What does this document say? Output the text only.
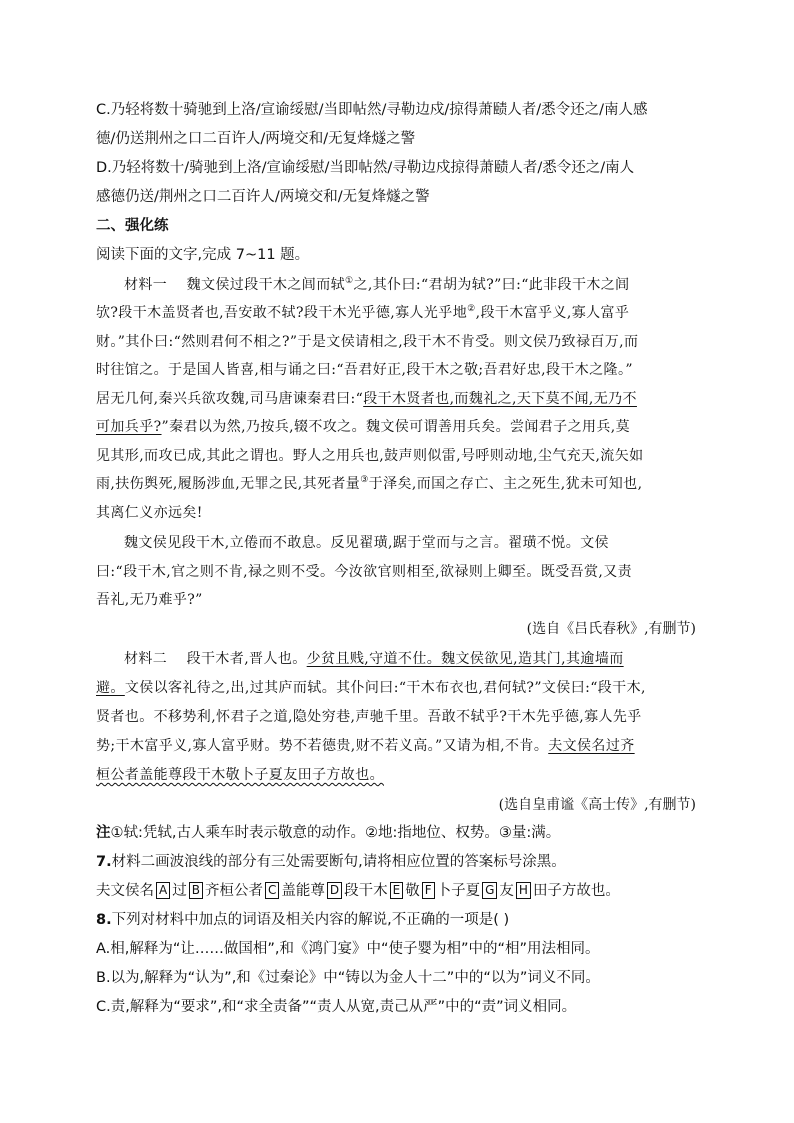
C.乃轻将数十骑驰到上洛/宣谕绥慰/当即帖然/寻勒边戍/掠得萧赜人者/悉令还之/南人感
德/仍送荆州之口二百许人/两境交和/无复烽燧之警
D.乃轻将数十/骑驰到上洛/宣谕绥慰/当即帖然/寻勒边戍掠得萧赜人者/悉令还之/南人
感德仍送/荆州之口二百许人/两境交和/无复烽燧之警
二、强化练
阅读下面的文字,完成 7~11 题。
材料一 魏文侯过段干木之闾而轼①之,其仆曰:“君胡为轼?”曰:“此非段干木之闾
欤?段干木盖贤者也,吾安敢不轼?段干木光乎德,寡人光乎地②,段干木富乎义,寡人富乎
财。”其仆曰:“然则君何不相之?”于是文侯请相之,段干木不肯受。则文侯乃致禄百万,而
时往馆之。于是国人皆喜,相与诵之曰:“吾君好正,段干木之敬;吾君好忠,段干木之隆。”
居无几何,秦兴兵欲攻魏,司马唐谏秦君曰:“段干木贤者也,而魏礼之,天下莫不闻,无乃不
可加兵乎?”秦君以为然,乃按兵,辍不攻之。魏文侯可谓善用兵矣。尝闻君子之用兵,莫
见其形,而攻已成,其此之谓也。野人之用兵也,鼓声则似雷,号呼则动地,尘气充天,流矢如
雨,扶伤舆死,履肠涉血,无罪之民,其死者量③于泽矣,而国之存亡、主之死生,犹未可知也,
其离仁义亦远矣!
魏文侯见段干木,立倦而不敢息。反见翟璜,踞于堂而与之言。翟璜不悦。文侯
曰:“段干木,官之则不肯,禄之则不受。今汝欲官则相至,欲禄则上卿至。既受吾赏,又责
吾礼,无乃难乎?”
(选自《吕氏春秋》,有删节)
材料二 段干木者,晋人也。少贫且贱,守道不仕。魏文侯欲见,造其门,其逾墙而
避。文侯以客礼待之,出,过其庐而轼。其仆问曰:“干木布衣也,君何轼?”文侯曰:“段干木,
贤者也。不移势利,怀君子之道,隐处穷巷,声驰千里。吾敢不轼乎?干木先乎德,寡人先乎
势;干木富乎义,寡人富乎财。势不若德贵,财不若义高。”又请为相,不肯。夫文侯名过齐
桓公者盖能尊段干木敬卜子夏友田子方故也。
(选自皇甫谧《高士传》,有删节)
注①轼:凭轼,古人乘车时表示敬意的动作。②地:指地位、权势。③量:满。
7.材料二画波浪线的部分有三处需要断句,请将相应位置的答案标号涂黑。
夫文侯名 A 过 B 齐桓公者 C 盖能尊 D 段干木 E 敬 F 卜子夏 G 友 H 田子方故也。
8.下列对材料中加点的词语及相关内容的解说,不正确的一项是( )
A.相,解释为“让……做国相”,和《鸿门宴》中“使子婴为相”中的“相”用法相同。
B.以为,解释为“认为”,和《过秦论》中“铸以为金人十二”中的“以为”词义不同。
C.责,解释为“要求”,和“求全责备”“责人从宽,责己从严”中的“责”词义相同。
